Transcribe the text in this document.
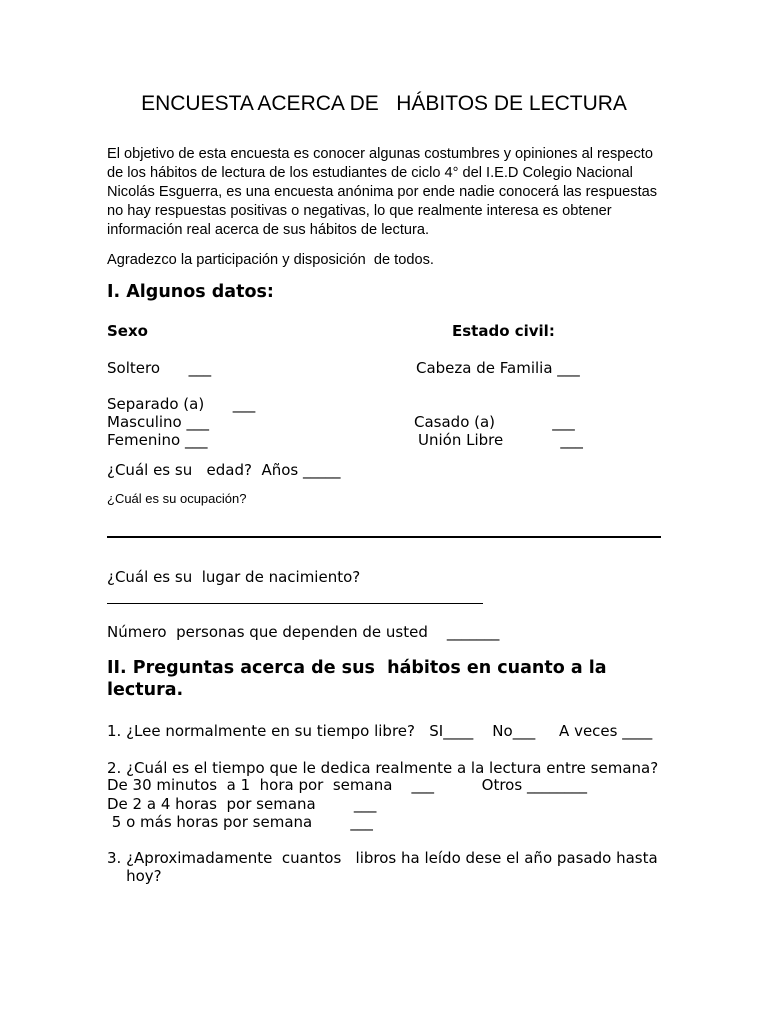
ENCUESTA ACERCA DE   HÁBITOS DE LECTURA
El objetivo de esta encuesta es conocer algunas costumbres y opiniones al respecto de los hábitos de lectura de los estudiantes de ciclo 4° del I.E.D Colegio Nacional Nicolás Esguerra, es una encuesta anónima por ende nadie conocerá las respuestas no hay respuestas positivas o negativas, lo que realmente interesa es obtener información real acerca de sus hábitos de lectura.
Agradezco la participación y disposición  de todos.
I. Algunos datos:
Sexo	Estado civil:
Soltero      ___	Cabeza de Familia ___
Separado (a)      ___
Masculino ___	Casado (a)            ___
Femenino ___	Unión Libre            ___
¿Cuál es su   edad?  Años _____
¿Cuál es su ocupación?
¿Cuál es su  lugar de nacimiento?
Número  personas que dependen de usted    _______
II. Preguntas acerca de sus  hábitos en cuanto a la
lectura.
1. ¿Lee normalmente en su tiempo libre?   SI____    No___     A veces ____
2. ¿Cuál es el tiempo que le dedica realmente a la lectura entre semana?
De 30 minutos  a 1  hora por  semana    ___          Otros ________
De 2 a 4 horas  por semana        ___
5 o más horas por semana        ___
3. ¿Aproximadamente  cuantos   libros ha leído dese el año pasado hasta
hoy?
